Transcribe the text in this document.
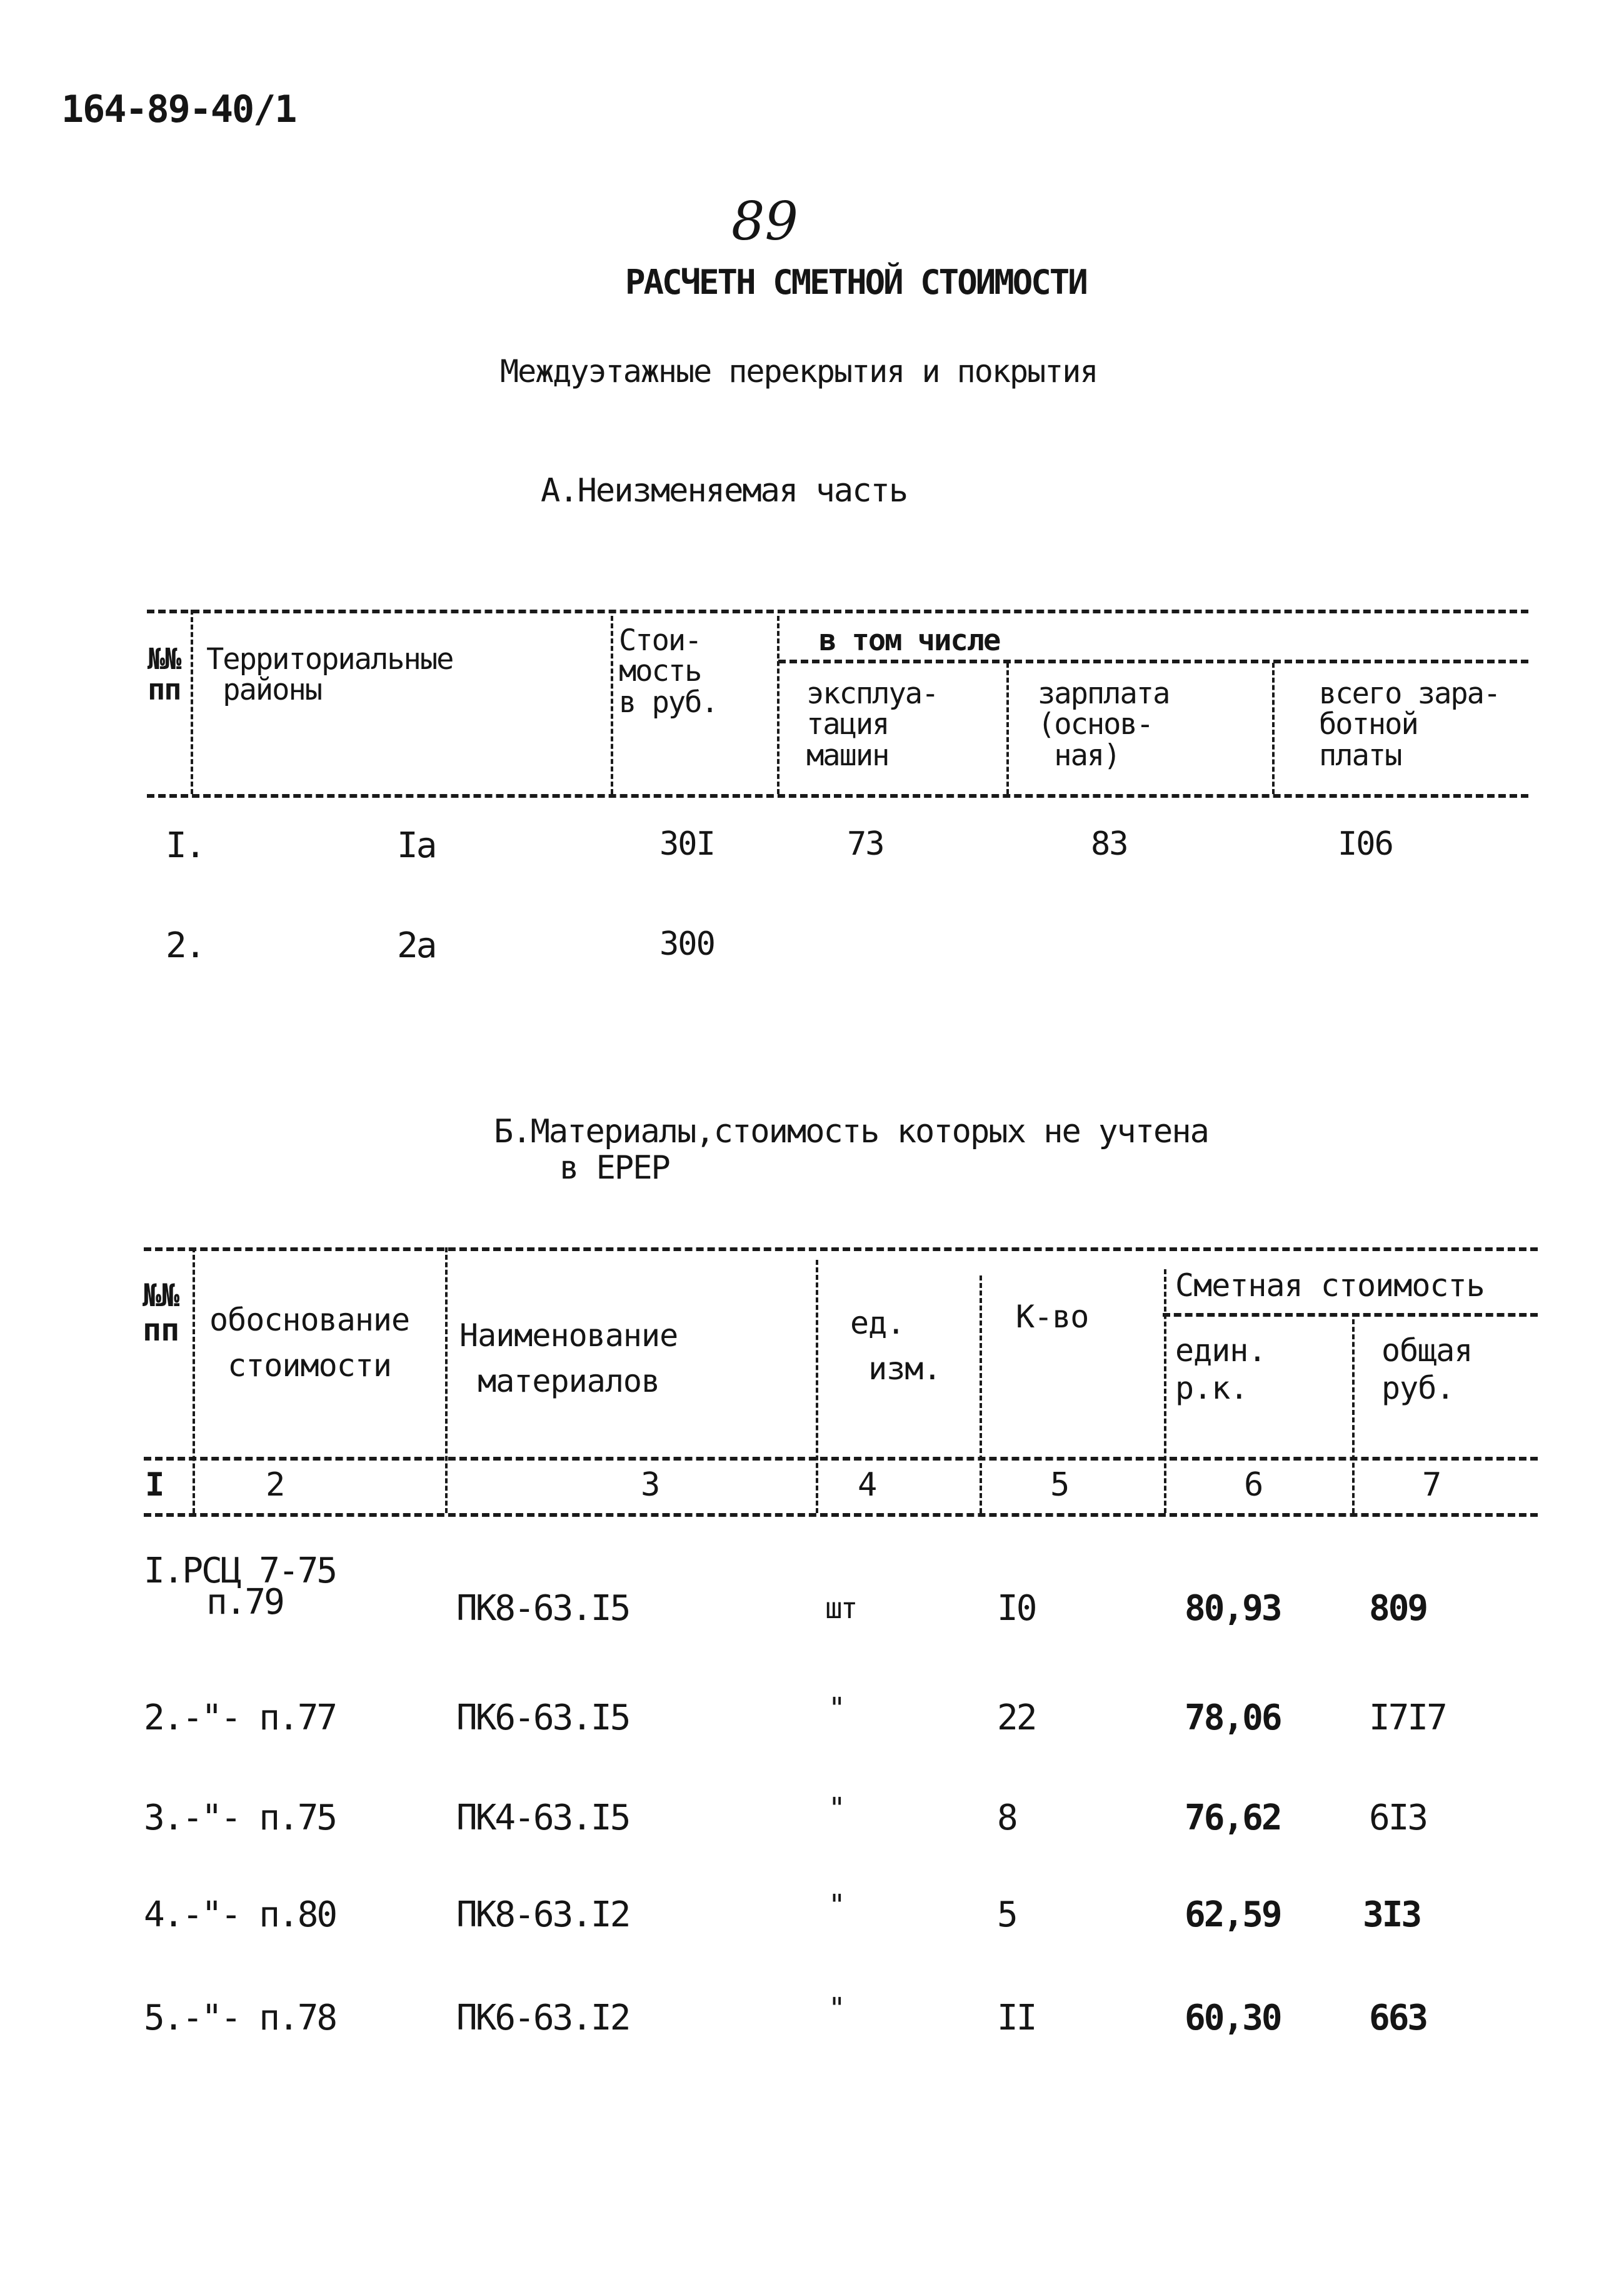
164-89-40/1
89
РАСЧЕТН СМЕТНОЙ СТОИМОСТИ
Междуэтажные перекрытия и покрытия
А.Неизменяемая часть
№№
пп
Территориальные
районы
Стои-
мость
в руб.
в том числе
эксплуа-
тация
машин
зарплата
(основ-
ная)
всего зара-
ботной
платы
I.	Iа	30I	73	83	I06
2.	2а	300
Б.Материалы,стоимость которых не учтена
в ЕРЕР
№№
пп обоснование
стоимости
Наименование
материалов
ед.
изм.
К-во
Сметная стоимость
един.
р.к.
общая
руб.
I	2	3	4	5	6	7
I.РСЦ 7-75
п.79	ПК8-63.I5	шт	I0	80,93	809
2.-"- п.77	ПК6-63.I5	"	22	78,06	I7I7
3.-"- п.75	ПК4-63.I5	"	8	76,62	6I3
4.-"- п.80	ПК8-63.I2	"	5	62,59 3I3
5.-"- п.78	ПК6-63.I2	"	II	60,30	663
